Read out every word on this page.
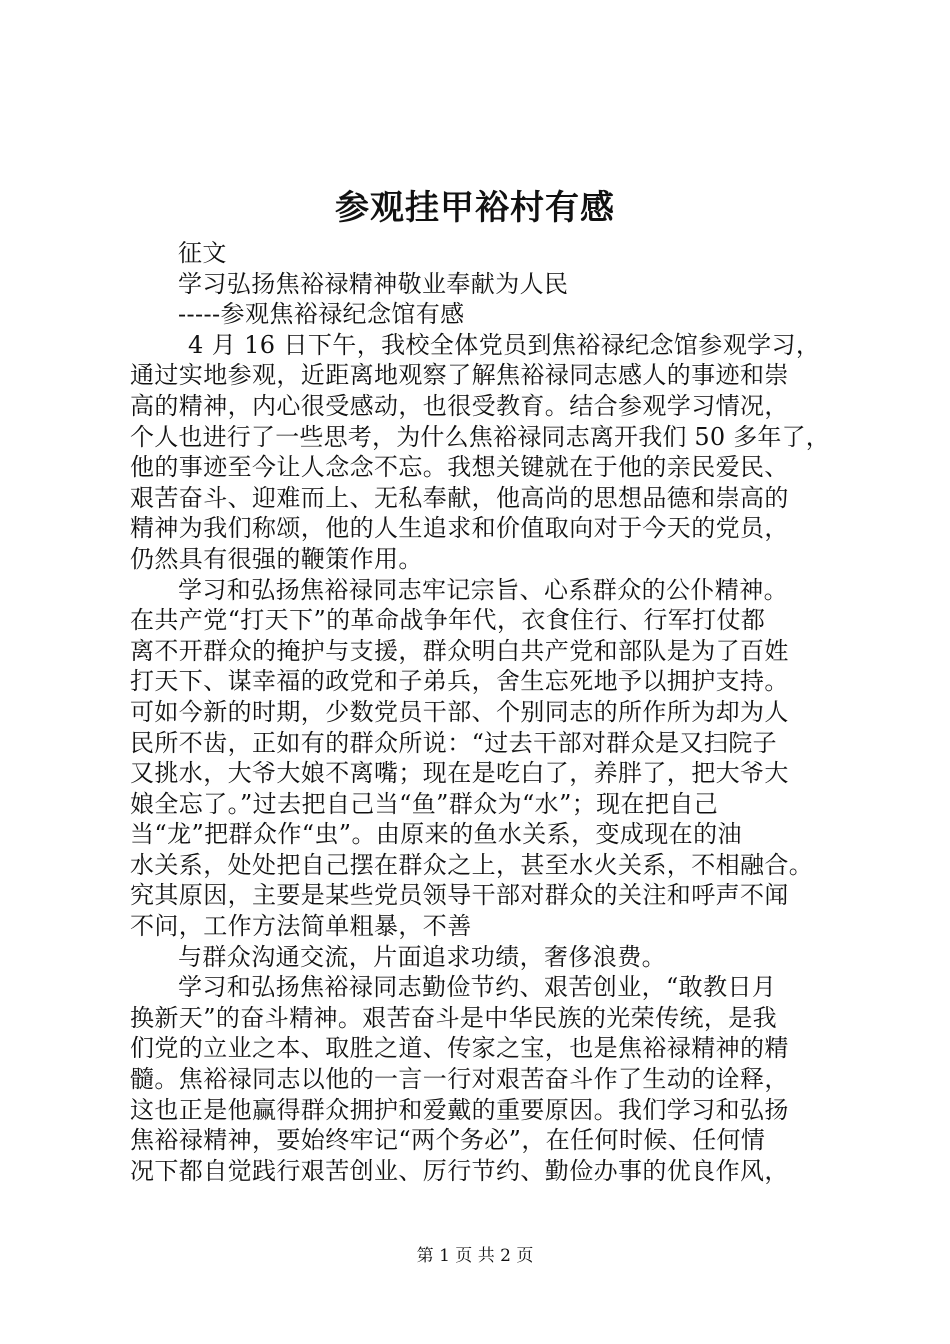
参观挂甲裕村有感
征文
学习弘扬焦裕禄精神敬业奉献为人民
-----参观焦裕禄纪念馆有感
4 月 16 日下午，我校全体党员到焦裕禄纪念馆参观学习，
通过实地参观，近距离地观察了解焦裕禄同志感人的事迹和崇
高的精神，内心很受感动，也很受教育。结合参观学习情况，
个人也进行了一些思考，为什么焦裕禄同志离开我们 50 多年了，
他的事迹至今让人念念不忘。我想关键就在于他的亲民爱民、
艰苦奋斗、迎难而上、无私奉献，他高尚的思想品德和崇高的
精神为我们称颂，他的人生追求和价值取向对于今天的党员，
仍然具有很强的鞭策作用。
学习和弘扬焦裕禄同志牢记宗旨、心系群众的公仆精神。
在共产党“打天下”的革命战争年代，衣食住行、行军打仗都
离不开群众的掩护与支援，群众明白共产党和部队是为了百姓
打天下、谋幸福的政党和子弟兵，舍生忘死地予以拥护支持。
可如今新的时期，少数党员干部、个别同志的所作所为却为人
民所不齿，正如有的群众所说：“过去干部对群众是又扫院子
又挑水，大爷大娘不离嘴；现在是吃白了，养胖了，把大爷大
娘全忘了。”过去把自己当“鱼”群众为“水”；现在把自己
当“龙”把群众作“虫”。由原来的鱼水关系，变成现在的油
水关系，处处把自己摆在群众之上，甚至水火关系，不相融合。
究其原因，主要是某些党员领导干部对群众的关注和呼声不闻
不问，工作方法简单粗暴，不善
与群众沟通交流，片面追求功绩，奢侈浪费。
学习和弘扬焦裕禄同志勤俭节约、艰苦创业，“敢教日月
换新天”的奋斗精神。艰苦奋斗是中华民族的光荣传统，是我
们党的立业之本、取胜之道、传家之宝，也是焦裕禄精神的精
髓。焦裕禄同志以他的一言一行对艰苦奋斗作了生动的诠释，
这也正是他赢得群众拥护和爱戴的重要原因。我们学习和弘扬
焦裕禄精神，要始终牢记“两个务必”，在任何时候、任何情
况下都自觉践行艰苦创业、厉行节约、勤俭办事的优良作风，
第 1 页 共 2 页
